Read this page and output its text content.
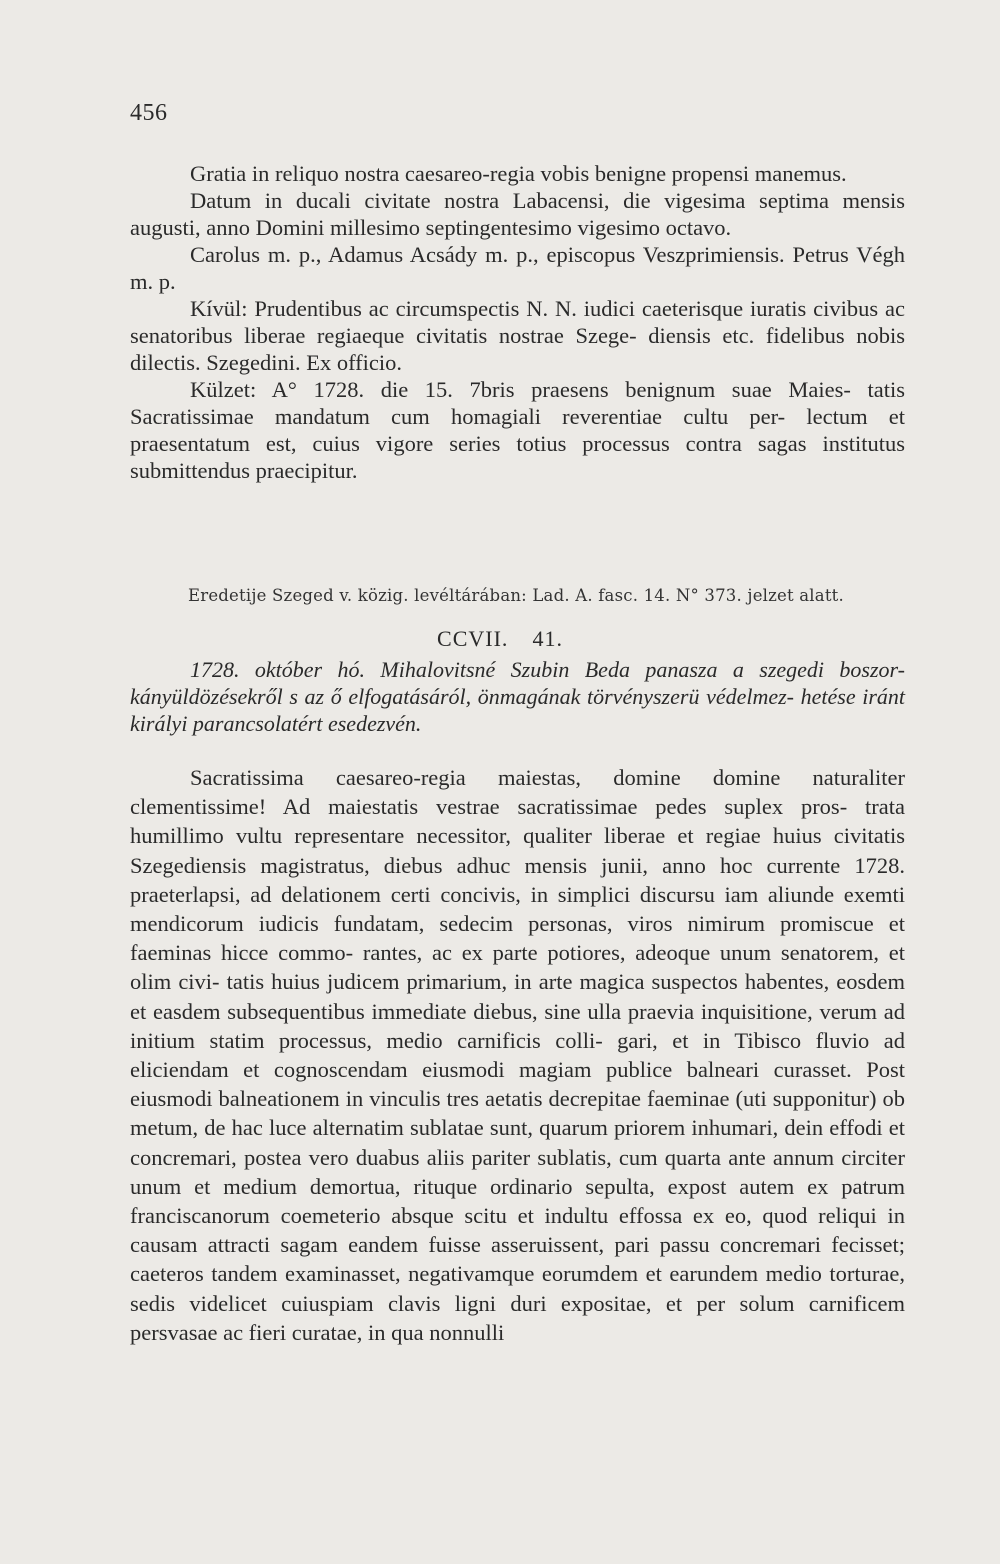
456

Gratia in reliquo nostra caesareo-regia vobis benigne propensi manemus.

Datum in ducali civitate nostra Labacensi, die vigesima septima mensis augusti, anno Domini millesimo septingentesimo vigesimo octavo.

Carolus m. p., Adamus Acsády m. p., episcopus Veszprimiensis. Petrus Végh m. p.

Kívül: Prudentibus ac circumspectis N. N. iudici caeterisque iuratis civibus ac senatoribus liberae regiaeque civitatis nostrae Szege- diensis etc. fidelibus nobis dilectis. Szegedini. Ex officio.

Külzet: A° 1728. die 15. 7bris praesens benignum suae Maies- tatis Sacratissimae mandatum cum homagiali reverentiae cultu per- lectum et praesentatum est, cuius vigore series totius processus contra sagas institutus submittendus praecipitur.

Eredetije Szeged v. közig. levéltárában: Lad. A. fasc. 14. N° 373. jelzet alatt.
CCVII. 41.

1728. október hó. Mihalovitsné Szubin Beda panasza a szegedi boszor- kányüldözésekről s az ő elfogatásáról, önmagának törvényszerü védelmez- hetése iránt királyi parancsolatért esedezvén.

Sacratissima caesareo-regia maiestas, domine domine naturaliter clementissime! Ad maiestatis vestrae sacratissimae pedes suplex pros- trata humillimo vultu representare necessitor, qualiter liberae et regiae huius civitatis Szegediensis magistratus, diebus adhuc mensis junii, anno hoc currente 1728. praeterlapsi, ad delationem certi concivis, in simplici discursu iam aliunde exemti mendicorum iudicis fundatam, sedecim personas, viros nimirum promiscue et faeminas hicce commo- rantes, ac ex parte potiores, adeoque unum senatorem, et olim civi- tatis huius judicem primarium, in arte magica suspectos habentes, eosdem et easdem subsequentibus immediate diebus, sine ulla praevia inquisitione, verum ad initium statim processus, medio carnificis colli- gari, et in Tibisco fluvio ad eliciendam et cognoscendam eiusmodi magiam publice balneari curasset. Post eiusmodi balneationem in vinculis tres aetatis decrepitae faeminae (uti supponitur) ob metum, de hac luce alternatim sublatae sunt, quarum priorem inhumari, dein effodi et concremari, postea vero duabus aliis pariter sublatis, cum quarta ante annum circiter unum et medium demortua, rituque ordinario sepulta, expost autem ex patrum franciscanorum coemeterio absque scitu et indultu effossa ex eo, quod reliqui in causam attracti sagam eandem fuisse asseruissent, pari passu concremari fecisset; caeteros tandem examinasset, negativamque eorumdem et earundem medio torturae, sedis videlicet cuiuspiam clavis ligni duri expositae, et per solum carnificem persvasae ac fieri curatae, in qua nonnulli
